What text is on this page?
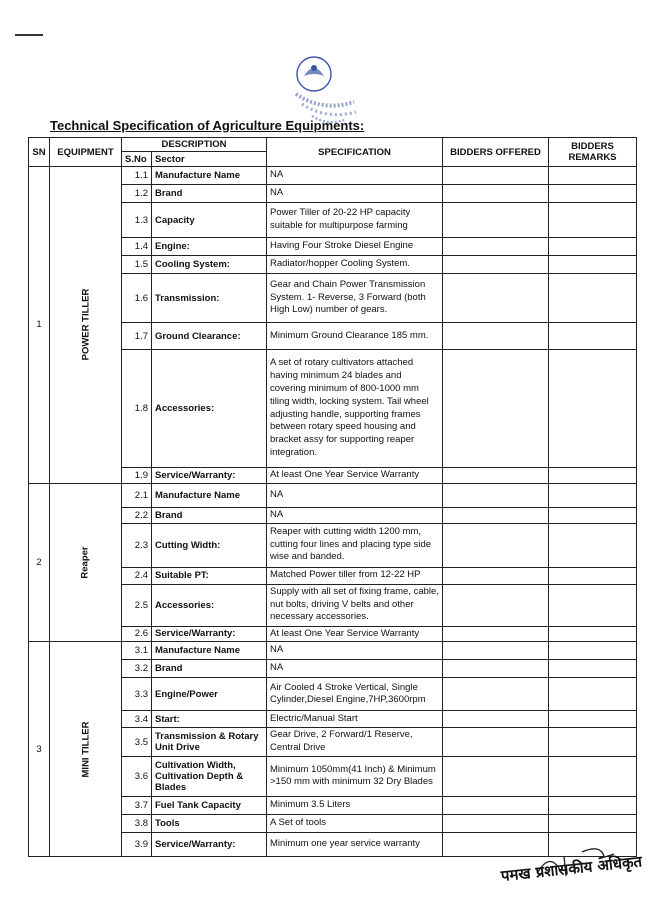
Technical Specification of Agriculture Equipments:
SN	EQUIPMENT	DESCRIPTION		SPECIFICATION	BIDDERS OFFERED	BIDDERS REMARKS
		S.No	Sector			
1	POWER TILLER	1.1	Manufacture Name	NA		
		1.2	Brand	NA		
		1.3	Capacity	Power Tiller of 20-22 HP capacity suitable for multipurpose farming		
		1.4	Engine:	Having Four Stroke Diesel Engine		
		1.5	Cooling System:	Radiator/hopper Cooling System.		
		1.6	Transmission:	Gear and Chain Power Transmission System. 1- Reverse, 3 Forward (both High Low) number of gears.		
		1.7	Ground Clearance:	Minimum Ground Clearance 185 mm.		
		1.8	Accessories:	A set of rotary cultivators attached having minimum 24 blades and covering minimum of 800-1000 mm tiling width, locking system. Tail wheel adjusting handle, supporting frames between rotary speed housing and bracket assy for supporting reaper integration.		
		1.9	Service/Warranty:	At least One Year Service Warranty		
2	Reaper	2.1	Manufacture Name	NA		
		2.2	Brand	NA		
		2.3	Cutting Width:	Reaper with cutting width 1200 mm, cutting four lines and placing type side wise and banded.		
		2.4	Suitable PT:	Matched Power tiller from 12-22 HP		
		2.5	Accessories:	Supply with all set of fixing frame, cable, nut bolts, driving V belts and other necessary accessories.		
		2.6	Service/Warranty:	At least One Year Service Warranty		
3	MINI TILLER	3.1	Manufacture Name	NA		
		3.2	Brand	NA		
		3.3	Engine/Power	Air Cooled 4 Stroke Vertical, Single Cylinder,Diesel Engine,7HP,3600rpm		
		3.4	Start:	Electric/Manual Start		
		3.5	Transmission & Rotary Unit Drive	Gear Drive, 2 Forward/1 Reserve, Central Drive		
		3.6	Cultivation Width, Cultivation Depth & Blades	Minimum 1050mm(41 Inch) & Minimum >150 mm with minimum 32 Dry Blades		
		3.7	Fuel Tank Capacity	Minimum 3.5 Liters		
		3.8	Tools	A Set of tools		
		3.9	Service/Warranty:	Minimum one year service warranty		
पमख प्रशासकीय अधिकृत
